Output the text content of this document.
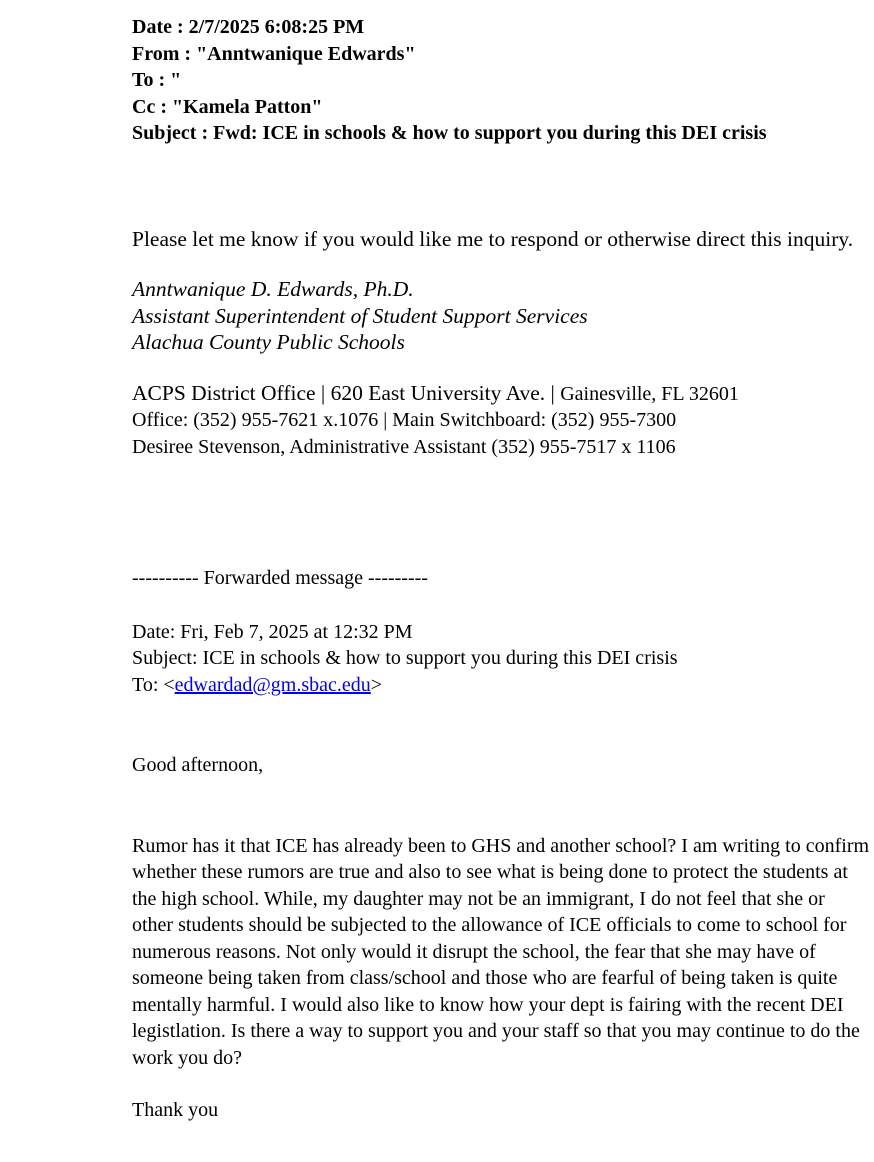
Date : 2/7/2025 6:08:25 PM
From : "Anntwanique Edwards"
To : "
Cc : "Kamela Patton"
Subject : Fwd: ICE in schools & how to support you during this DEI crisis
Please let me know if you would like me to respond or otherwise direct this inquiry.
Anntwanique D. Edwards, Ph.D.
Assistant Superintendent of Student Support Services
Alachua County Public Schools
ACPS District Office | 620 East University Ave. | Gainesville, FL 32601
Office: (352) 955-7621 x.1076 | Main Switchboard: (352) 955-7300
Desiree Stevenson, Administrative Assistant (352) 955-7517 x 1106
---------- Forwarded message ---------
Date: Fri, Feb 7, 2025 at 12:32 PM
Subject: ICE in schools & how to support you during this DEI crisis
To: <edwardad@gm.sbac.edu>
Good afternoon,
Rumor has it that ICE has already been to GHS and another school? I am writing to confirm whether these rumors are true and also to see what is being done to protect the students at the high school. While, my daughter may not be an immigrant, I do not feel that she or other students should be subjected to the allowance of ICE officials to come to school for numerous reasons. Not only would it disrupt the school, the fear that she may have of someone being taken from class/school and those who are fearful of being taken is quite mentally harmful. I would also like to know how your dept is fairing with the recent DEI legistlation. Is there a way to support you and your staff so that you may continue to do the work you do?
Thank you
